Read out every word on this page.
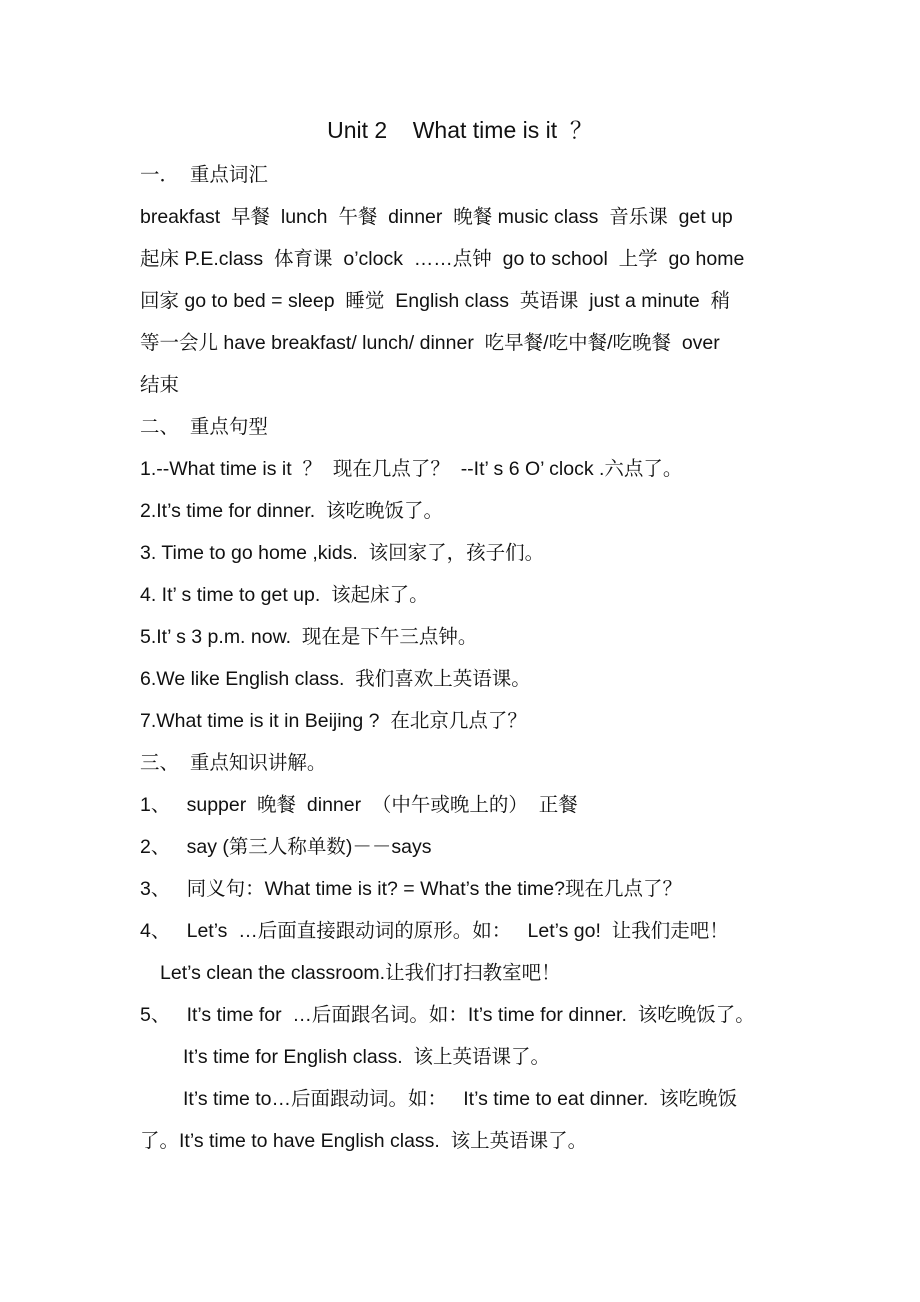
Unit 2    What time is it  ？
一．  重点词汇
breakfast  早餐  lunch  午餐  dinner  晚餐 music class  音乐课  get up
起床 P.E.class  体育课  o’clock  ……点钟  go to school  上学  go home
回家 go to bed = sleep  睡觉  English class  英语课  just a minute  稍
等一会儿 have breakfast/ lunch/ dinner  吃早餐/吃中餐/吃晚餐  over
结束
二、  重点句型
1.--What time is it  ？  现在几点了？  --It’ s 6 O’ clock .六点了。
2.It’s time for dinner.  该吃晚饭了。
3. Time to go home ,kids.  该回家了，孩子们。
4. It’ s time to get up.  该起床了。
5.It’ s 3 p.m. now.  现在是下午三点钟。
6.We like English class.  我们喜欢上英语课。
7.What time is it in Beijing ?  在北京几点了？
三、  重点知识讲解。
1、   supper  晚餐  dinner  （中午或晚上的）  正餐
2、   say (第三人称单数)－－says
3、   同义句：What time is it? = What’s the time?现在几点了？
4、   Let’s  …后面直接跟动词的原形。如：   Let’s go!  让我们走吧！
Let’s clean the classroom.让我们打扫教室吧！
5、   It’s time for  …后面跟名词。如：It’s time for dinner.  该吃晚饭了。
It’s time for English class.  该上英语课了。
It’s time to…后面跟动词。如：   It’s time to eat dinner.  该吃晚饭
了。It’s time to have English class.  该上英语课了。
